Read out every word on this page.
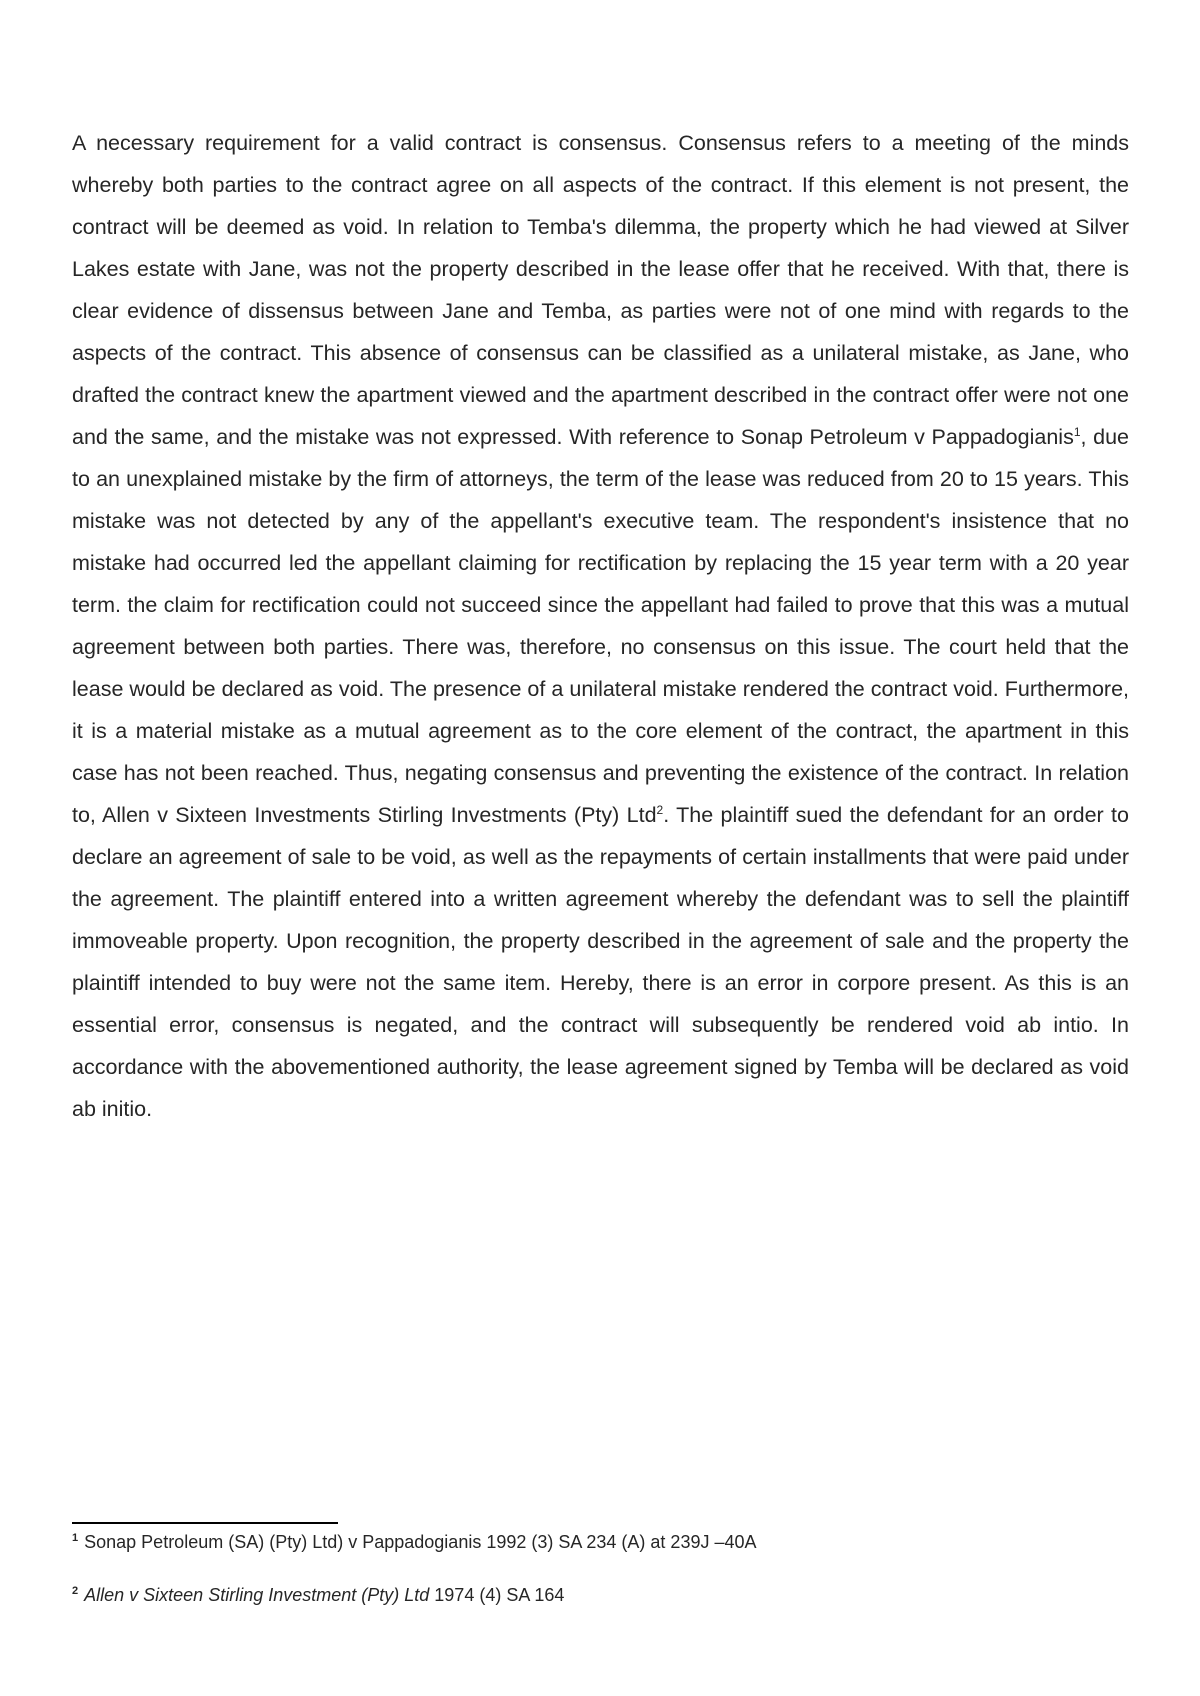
A necessary requirement for a valid contract is consensus. Consensus refers to a meeting of the minds whereby both parties to the contract agree on all aspects of the contract. If this element is not present, the contract will be deemed as void. In relation to Temba's dilemma, the property which he had viewed at Silver Lakes estate with Jane, was not the property described in the lease offer that he received. With that, there is clear evidence of dissensus between Jane and Temba, as parties were not of one mind with regards to the aspects of the contract. This absence of consensus can be classified as a unilateral mistake, as Jane, who drafted the contract knew the apartment viewed and the apartment described in the contract offer were not one and the same, and the mistake was not expressed. With reference to Sonap Petroleum v Pappadogianis$^1$, due to an unexplained mistake by the firm of attorneys, the term of the lease was reduced from 20 to 15 years. This mistake was not detected by any of the appellant's executive team. The respondent's insistence that no mistake had occurred led the appellant claiming for rectification by replacing the 15 year term with a 20 year term. the claim for rectification could not succeed since the appellant had failed to prove that this was a mutual agreement between both parties. There was, therefore, no consensus on this issue. The court held that the lease would be declared as void. The presence of a unilateral mistake rendered the contract void. Furthermore, it is a material mistake as a mutual agreement as to the core element of the contract, the apartment in this case has not been reached. Thus, negating consensus and preventing the existence of the contract. In relation to, Allen v Sixteen Investments Stirling Investments (Pty) Ltd$^2$. The plaintiff sued the defendant for an order to declare an agreement of sale to be void, as well as the repayments of certain installments that were paid under the agreement. The plaintiff entered into a written agreement whereby the defendant was to sell the plaintiff immoveable property. Upon recognition, the property described in the agreement of sale and the property the plaintiff intended to buy were not the same item. Hereby, there is an error in corpore present. As this is an essential error, consensus is negated, and the contract will subsequently be rendered void ab intio. In accordance with the abovementioned authority, the lease agreement signed by Temba will be declared as void ab initio.

$^1$ Sonap Petroleum (SA) (Pty) Ltd) v Pappadogianis 1992 (3) SA 234 (A) at 239J –40A

$^2$ Allen v Sixteen Stirling Investment (Pty) Ltd 1974 (4) SA 164
